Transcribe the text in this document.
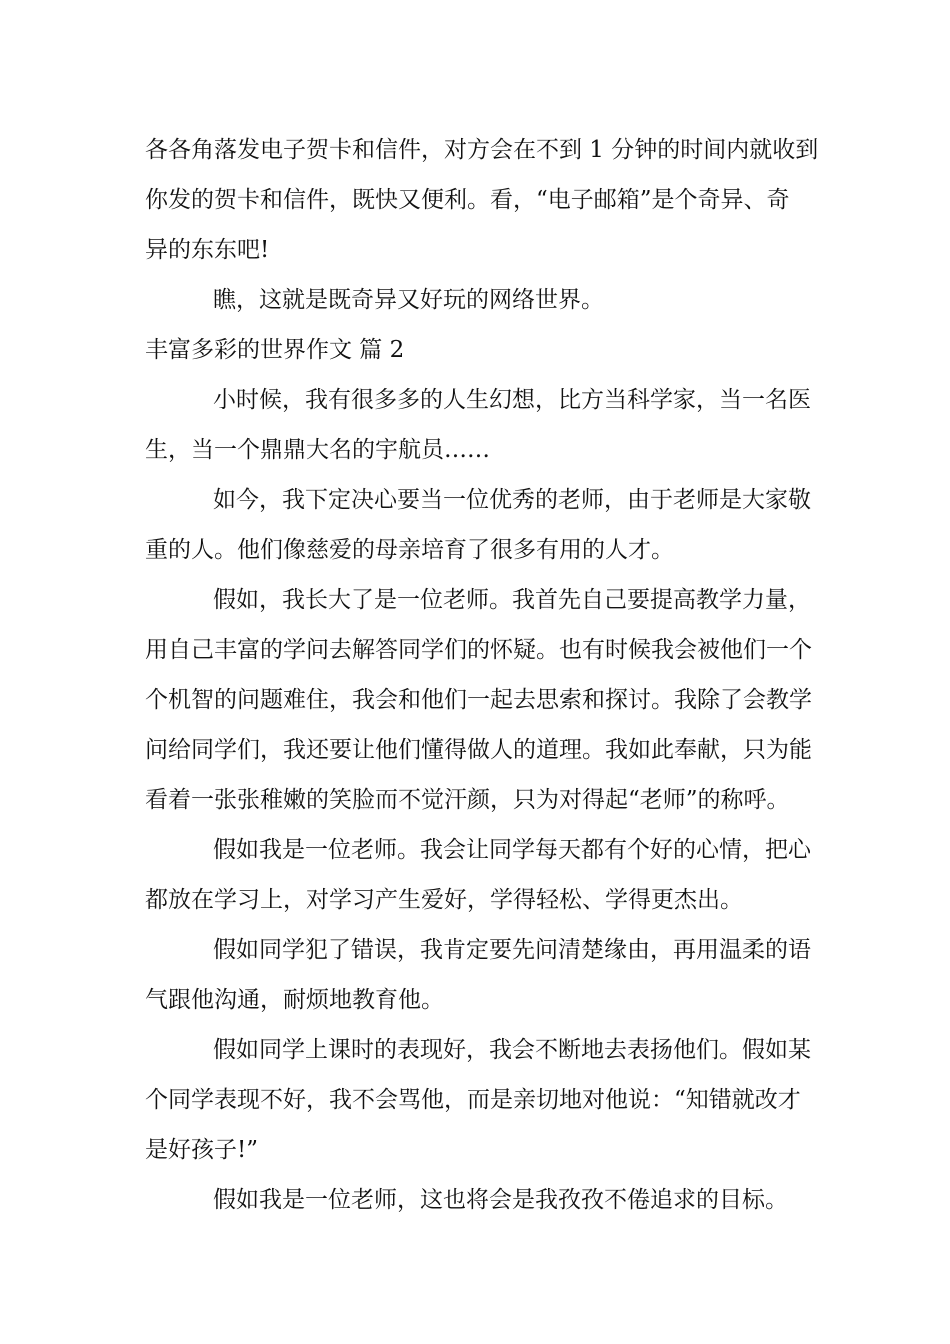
各各角落发电子贺卡和信件，对方会在不到 1 分钟的时间内就收到

你发的贺卡和信件，既快又便利。看，“电子邮箱”是个奇异、奇

异的东东吧!

瞧，这就是既奇异又好玩的网络世界。

丰富多彩的世界作文 篇 2

小时候，我有很多多的人生幻想，比方当科学家，当一名医

生，当一个鼎鼎大名的宇航员……

如今，我下定决心要当一位优秀的老师，由于老师是大家敬

重的人。他们像慈爱的母亲培育了很多有用的人才。

假如，我长大了是一位老师。我首先自己要提高教学力量，

用自己丰富的学问去解答同学们的怀疑。也有时候我会被他们一个

个机智的问题难住，我会和他们一起去思索和探讨。我除了会教学

问给同学们，我还要让他们懂得做人的道理。我如此奉献，只为能

看着一张张稚嫩的笑脸而不觉汗颜，只为对得起“老师”的称呼。

假如我是一位老师。我会让同学每天都有个好的心情，把心

都放在学习上，对学习产生爱好，学得轻松、学得更杰出。

假如同学犯了错误，我肯定要先问清楚缘由，再用温柔的语

气跟他沟通，耐烦地教育他。

假如同学上课时的表现好，我会不断地去表扬他们。假如某

个同学表现不好，我不会骂他，而是亲切地对他说：“知错就改才

是好孩子!”

假如我是一位老师，这也将会是我孜孜不倦追求的目标。
